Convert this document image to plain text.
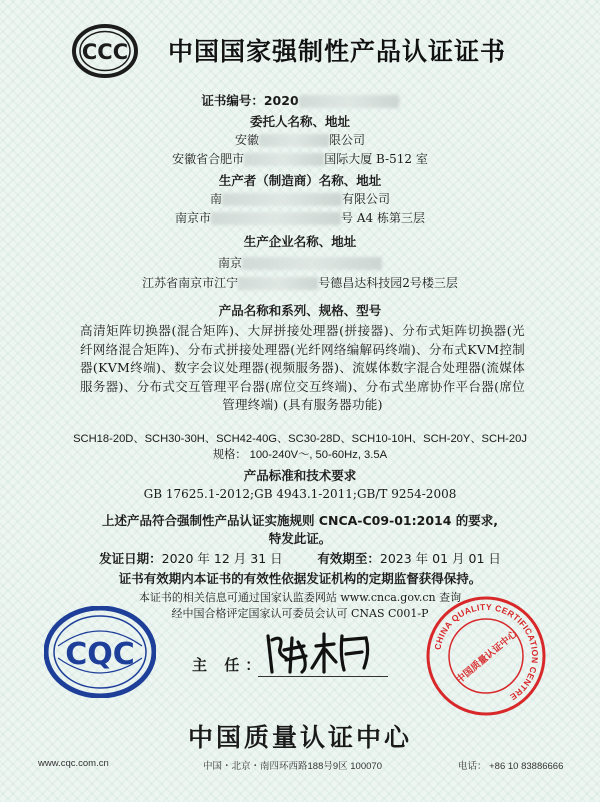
CCC 中国国家强制性产品认证证书
证书编号：2020
委托人名称、地址
安徽	限公司
安徽省合肥市	国际大厦 B-512 室
生产者（制造商）名称、地址
南	有限公司
南京市	号 A4 栋第三层
生产企业名称、地址
南京
江苏省南京市江宁	号德昌达科技园2号楼三层
产品名称和系列、规格、型号
高清矩阵切换器(混合矩阵)、大屏拼接处理器(拼接器)、分布式矩阵切换器(光纤网络混合矩阵)、分布式拼接处理器(光纤网络编解码终端)、分布式KVM控制器(KVM终端)、数字会议处理器(视频服务器)、流媒体数字混合处理器(流媒体服务器)、分布式交互管理平台器(席位交互终端)、分布式坐席协作平台器(席位管理终端) (具有服务器功能)
SCH18-20D、SCH30-30H、SCH42-40G、SC30-28D、SCH10-10H、SCH-20Y、SCH-20J
规格： 100-240V～, 50-60Hz, 3.5A
产品标准和技术要求
GB 17625.1-2012;GB 4943.1-2011;GB/T 9254-2008
上述产品符合强制性产品认证实施规则 CNCA-C09-01:2014 的要求,
特发此证。
发证日期：2020 年 12 月 31 日	有效期至：2023 年 01 月 01 日
证书有效期内本证书的有效性依据发证机构的定期监督获得保持。
本证书的相关信息可通过国家认监委网站 www.cnca.gov.cn 查询
经中国合格评定国家认可委员会认可 CNAS C001-P
CQC	主 任：
CHINA QUALITY CERTIFICATION CENTRE
中国质量认证中心
中国质量认证中心
www.cqc.com.cn	中国・北京・南四环西路188号9区 100070	电话： +86 10 83886666
